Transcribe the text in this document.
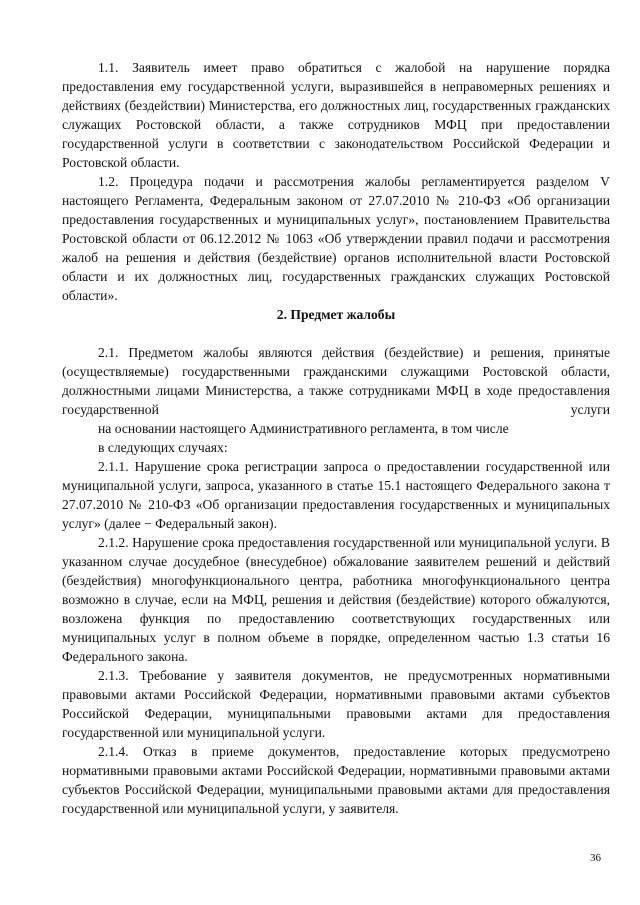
1.1. Заявитель имеет право обратиться с жалобой на нарушение порядка предоставления ему государственной услуги, выразившейся в неправомерных решениях и действиях (бездействии) Министерства, его должностных лиц, государственных гражданских служащих Ростовской области, а также сотрудников МФЦ при предоставлении государственной услуги в соответствии с законодательством Российской Федерации и Ростовской области.

1.2. Процедура подачи и рассмотрения жалобы регламентируется разделом V настоящего Регламента, Федеральным законом от 27.07.2010 № 210-ФЗ «Об организации предоставления государственных и муниципальных услуг», постановлением Правительства Ростовской области от 06.12.2012 № 1063 «Об утверждении правил подачи и рассмотрения жалоб на решения и действия (бездействие) органов исполнительной власти Ростовской области и их должностных лиц, государственных гражданских служащих Ростовской области».

2. Предмет жалобы

2.1. Предметом жалобы являются действия (бездействие) и решения, принятые (осуществляемые) государственными гражданскими служащими Ростовской области, должностными лицами Министерства, а также сотрудниками МФЦ в ходе предоставления государственной услуги

на основании настоящего Административного регламента, в том числе

в следующих случаях:

2.1.1. Нарушение срока регистрации запроса о предоставлении государственной или муниципальной услуги, запроса, указанного в статье 15.1 настоящего Федерального закона т 27.07.2010 № 210-ФЗ «Об организации предоставления государственных и муниципальных услуг» (далее − Федеральный закон).

2.1.2. Нарушение срока предоставления государственной или муниципальной услуги. В указанном случае досудебное (внесудебное) обжалование заявителем решений и действий (бездействия) многофункционального центра, работника многофункционального центра возможно в случае, если на МФЦ, решения и действия (бездействие) которого обжалуются, возложена функция по предоставлению соответствующих государственных или муниципальных услуг в полном объеме в порядке, определенном частью 1.3 статьи 16 Федерального закона.

2.1.3. Требование у заявителя документов, не предусмотренных нормативными правовыми актами Российской Федерации, нормативными правовыми актами субъектов Российской Федерации, муниципальными правовыми актами для предоставления государственной или муниципальной услуги.

2.1.4. Отказ в приеме документов, предоставление которых предусмотрено нормативными правовыми актами Российской Федерации, нормативными правовыми актами субъектов Российской Федерации, муниципальными правовыми актами для предоставления государственной или муниципальной услуги, у заявителя.

36
